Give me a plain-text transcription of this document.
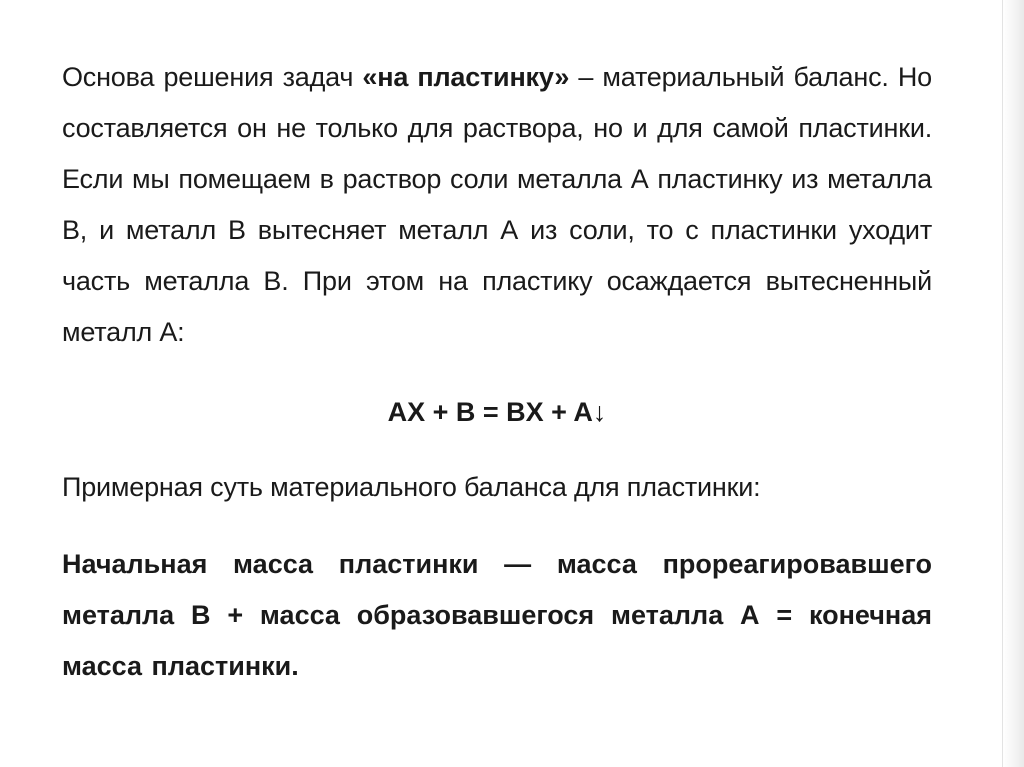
Основа решения задач «на пластинку» – материальный баланс. Но составляется он не только для раствора, но и для самой пластинки. Если мы помещаем в раствор соли металла А пластинку из металла В, и металл В вытесняет металл А из соли, то с пластинки уходит часть металла В. При этом на пластику осаждается вытесненный металл А:

AX + B = BX + A↓

Примерная суть материального баланса для пластинки:

Начальная масса пластинки — масса прореагировавшего металла В + масса образовавшегося металла А = конечная масса пластинки.
